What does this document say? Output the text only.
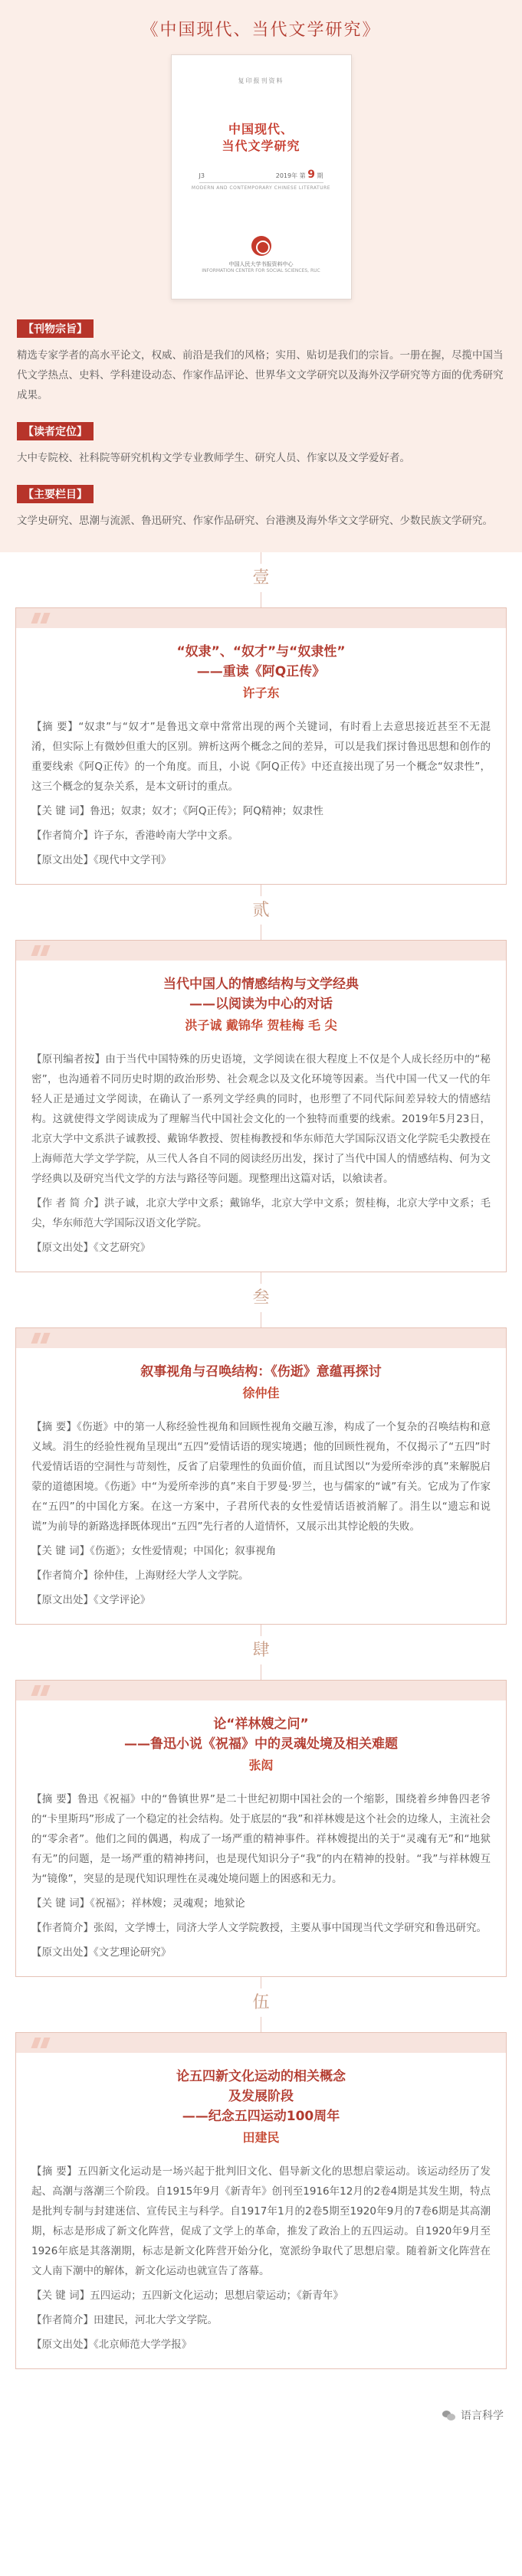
《中国现代、当代文学研究》
复印报刊资料
中国现代、
当代文学研究
J3	2019年 第 9 期
MODERN AND CONTEMPORARY CHINESE LITERATURE
中国人民大学书报资料中心
INFORMATION CENTER FOR SOCIAL SCIENCES, RUC
【刊物宗旨】
精选专家学者的高水平论文，权威、前沿是我们的风格；实用、贴切是我们的宗旨。一册在握，尽揽中国当代文学热点、史料、学科建设动态、作家作品评论、世界华文文学研究以及海外汉学研究等方面的优秀研究成果。
【读者定位】
大中专院校、社科院等研究机构文学专业教师学生、研究人员、作家以及文学爱好者。
【主要栏目】
文学史研究、思潮与流派、鲁迅研究、作家作品研究、台港澳及海外华文文学研究、少数民族文学研究。
壹
“奴隶”、“奴才”与“奴隶性”
——重读《阿Q正传》
许子东

【摘 要】“奴隶”与“奴才”是鲁迅文章中常常出现的两个关键词，有时看上去意思接近甚至不无混淆，但实际上有微妙但重大的区别。辨析这两个概念之间的差异，可以是我们探讨鲁迅思想和创作的重要线索《阿Q正传》的一个角度。而且，小说《阿Q正传》中还直接出现了另一个概念“奴隶性”，这三个概念的复杂关系，是本文研讨的重点。

【关 键 词】鲁迅；奴隶；奴才；《阿Q正传》；阿Q精神；奴隶性

【作者简介】许子东，香港岭南大学中文系。

【原文出处】《现代中文学刊》

贰
当代中国人的情感结构与文学经典
——以阅读为中心的对话
洪子诚 戴锦华 贺桂梅 毛 尖

【原刊编者按】由于当代中国特殊的历史语境，文学阅读在很大程度上不仅是个人成长经历中的“秘密”，也沟通着不同历史时期的政治形势、社会观念以及文化环境等因素。当代中国一代又一代的年轻人正是通过文学阅读，在确认了一系列文学经典的同时，也形塑了不同代际间差异较大的情感结构。这就使得文学阅读成为了理解当代中国社会文化的一个独特而重要的线索。2019年5月23日，北京大学中文系洪子诚教授、戴锦华教授、贺桂梅教授和华东师范大学国际汉语文化学院毛尖教授在上海师范大学文学学院，从三代人各自不同的阅读经历出发，探讨了当代中国人的情感结构、何为文学经典以及研究当代文学的方法与路径等问题。现整理出这篇对话，以飨读者。

【作 者 简 介】洪子诚，北京大学中文系；戴锦华，北京大学中文系；贺桂梅，北京大学中文系；毛尖，华东师范大学国际汉语文化学院。

【原文出处】《文艺研究》

叁
叙事视角与召唤结构：《伤逝》意蕴再探讨
徐仲佳

【摘 要】《伤逝》中的第一人称经验性视角和回顾性视角交融互渗，构成了一个复杂的召唤结构和意义域。涓生的经验性视角呈现出“五四”爱情话语的现实境遇；他的回顾性视角，不仅揭示了“五四”时代爱情话语的空洞性与苛刻性，反省了启蒙理性的负面价值，而且试图以“为爱所牵涉的真”来解脱启蒙的道德困境。《伤逝》中“为爱所牵涉的真”来自于罗曼·罗兰，也与儒家的“诚”有关。它成为了作家在“五四”的中国化方案。在这一方案中，子君所代表的女性爱情话语被消解了。涓生以“遗忘和说谎”为前导的新路选择既体现出“五四”先行者的人道情怀，又展示出其悖论般的失败。

【关 键 词】《伤逝》；女性爱情观；中国化；叙事视角

【作者简介】徐仲佳，上海财经大学人文学院。

【原文出处】《文学评论》

肆
论“祥林嫂之问”
——鲁迅小说《祝福》中的灵魂处境及相关难题
张闳

【摘 要】鲁迅《祝福》中的“鲁镇世界”是二十世纪初期中国社会的一个缩影，围绕着乡绅鲁四老爷的“卡里斯玛”形成了一个稳定的社会结构。处于底层的“我”和祥林嫂是这个社会的边缘人，主流社会的“零余者”。他们之间的偶遇，构成了一场严重的精神事件。祥林嫂提出的关于“灵魂有无”和“地狱有无”的问题，是一场严重的精神拷问，也是现代知识分子“我”的内在精神的投射。“我”与祥林嫂互为“镜像”，突显的是现代知识理性在灵魂处境问题上的困惑和无力。

【关 键 词】《祝福》；祥林嫂；灵魂观；地狱论

【作者简介】张闳，文学博士，同济大学人文学院教授，主要从事中国现当代文学研究和鲁迅研究。

【原文出处】《文艺理论研究》

伍
论五四新文化运动的相关概念
及发展阶段
——纪念五四运动100周年
田建民

【摘 要】五四新文化运动是一场兴起于批判旧文化、倡导新文化的思想启蒙运动。该运动经历了发起、高潮与落潮三个阶段。自1915年9月《新青年》创刊至1916年12月的2卷4期是其发生期，特点是批判专制与封建迷信、宣传民主与科学。自1917年1月的2卷5期至1920年9月的7卷6期是其高潮期，标志是形成了新文化阵营，促成了文学上的革命，推发了政治上的五四运动。自1920年9月至1926年底是其落潮期，标志是新文化阵营开始分化，宽派纷争取代了思想启蒙。随着新文化阵营在文人南下潮中的解体，新文化运动也就宣告了落幕。

【关 键 词】五四运动；五四新文化运动；思想启蒙运动；《新青年》

【作者简介】田建民，河北大学文学院。

【原文出处】《北京师范大学学报》

语言科学
